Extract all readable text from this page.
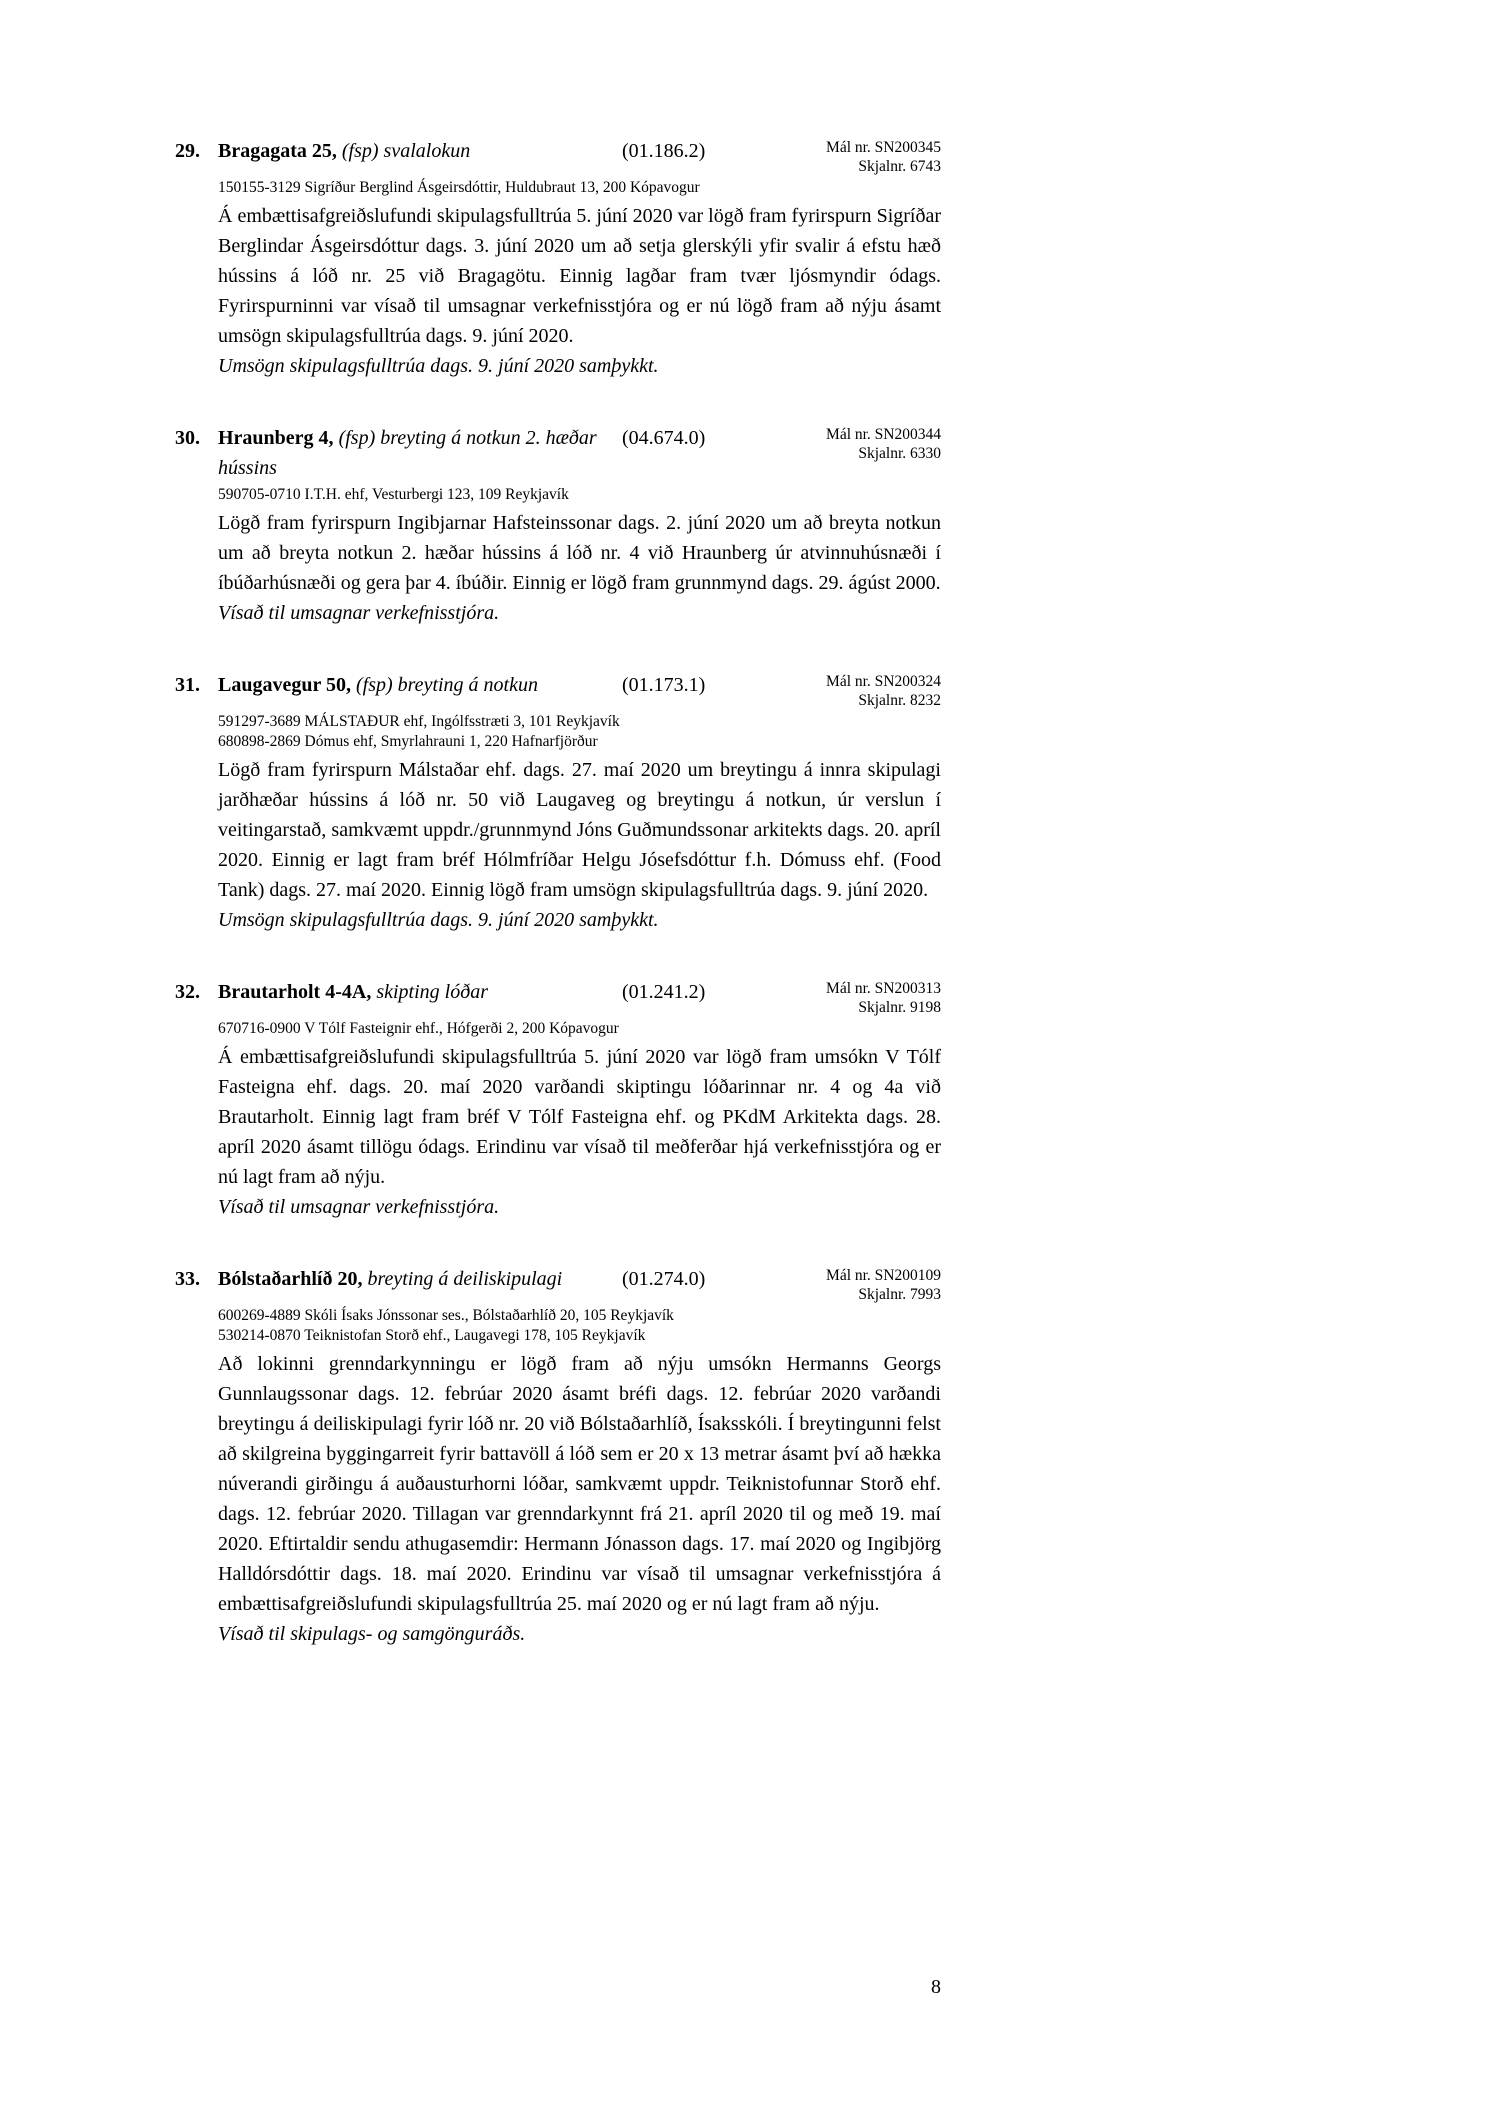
29. Bragagata 25, (fsp) svalalokun	(01.186.2)	Mál nr. SN200345
Skjalnr. 6743
150155-3129 Sigríður Berglind Ásgeirsdóttir, Huldubraut 13, 200 Kópavogur
Á embættisafgreiðslufundi skipulagsfulltrúa 5. júní 2020 var lögð fram fyrirspurn Sigríðar Berglindar Ásgeirsdóttur dags. 3. júní 2020 um að setja glerskýli yfir svalir á efstu hæð hússins á lóð nr. 25 við Bragagötu. Einnig lagðar fram tvær ljósmyndir ódags. Fyrirspurninni var vísað til umsagnar verkefnisstjóra og er nú lögð fram að nýju ásamt umsögn skipulagsfulltrúa dags. 9. júní 2020.
Umsögn skipulagsfulltrúa dags. 9. júní 2020 samþykkt.
30. Hraunberg 4, (fsp) breyting á notkun 2. hæðar hússins
(04.674.0)	Mál nr. SN200344
Skjalnr. 6330
590705-0710 I.T.H. ehf, Vesturbergi 123, 109 Reykjavík
Lögð fram fyrirspurn Ingibjarnar Hafsteinssonar dags. 2. júní 2020 um að breyta notkun um að breyta notkun 2. hæðar hússins á lóð nr. 4 við Hraunberg úr atvinnuhúsnæði í íbúðarhúsnæði og gera þar 4. íbúðir. Einnig er lögð fram grunnmynd dags. 29. ágúst 2000.
Vísað til umsagnar verkefnisstjóra.
31. Laugavegur 50, (fsp) breyting á notkun	(01.173.1)	Mál nr. SN200324
Skjalnr. 8232
591297-3689 MÁLSTAÐUR ehf, Ingólfsstræti 3, 101 Reykjavík
680898-2869 Dómus ehf, Smyrlahrauni 1, 220 Hafnarfjörður
Lögð fram fyrirspurn Málstaðar ehf. dags. 27. maí 2020 um breytingu á innra skipulagi jarðhæðar hússins á lóð nr. 50 við Laugaveg og breytingu á notkun, úr verslun í veitingarstað, samkvæmt uppdr./grunnmynd Jóns Guðmundssonar arkitekts dags. 20. apríl 2020. Einnig er lagt fram bréf Hólmfríðar Helgu Jósefsdóttur f.h. Dómuss ehf. (Food Tank) dags. 27. maí 2020. Einnig lögð fram umsögn skipulagsfulltrúa dags. 9. júní 2020.
Umsögn skipulagsfulltrúa dags. 9. júní 2020 samþykkt.
32. Brautarholt 4-4A, skipting lóðar	(01.241.2)	Mál nr. SN200313
Skjalnr. 9198
670716-0900 V Tólf Fasteignir ehf., Hófgerði 2, 200 Kópavogur
Á embættisafgreiðslufundi skipulagsfulltrúa 5. júní 2020 var lögð fram umsókn V Tólf Fasteigna ehf. dags. 20. maí 2020 varðandi skiptingu lóðarinnar nr. 4 og 4a við Brautarholt. Einnig lagt fram bréf V Tólf Fasteigna ehf. og PKdM Arkitekta dags. 28. apríl 2020 ásamt tillögu ódags. Erindinu var vísað til meðferðar hjá verkefnisstjóra og er nú lagt fram að nýju.
Vísað til umsagnar verkefnisstjóra.
33. Bólstaðarhlíð 20, breyting á deiliskipulagi	(01.274.0)	Mál nr. SN200109
Skjalnr. 7993
600269-4889 Skóli Ísaks Jónssonar ses., Bólstaðarhlíð 20, 105 Reykjavík
530214-0870 Teiknistofan Storð ehf., Laugavegi 178, 105 Reykjavík
Að lokinni grenndarkynningu er lögð fram að nýju umsókn Hermanns Georgs Gunnlaugssonar dags. 12. febrúar 2020 ásamt bréfi dags. 12. febrúar 2020 varðandi breytingu á deiliskipulagi fyrir lóð nr. 20 við Bólstaðarhlíð, Ísaksskóli. Í breytingunni felst að skilgreina byggingarreit fyrir battavöll á lóð sem er 20 x 13 metrar ásamt því að hækka núverandi girðingu á auðausturhorni lóðar, samkvæmt uppdr. Teiknistofunnar Storð ehf. dags. 12. febrúar 2020. Tillagan var grenndarkynnt frá 21. apríl 2020 til og með 19. maí 2020. Eftirtaldir sendu athugasemdir: Hermann Jónasson dags. 17. maí 2020 og Ingibjörg Halldórsdóttir dags. 18. maí 2020. Erindinu var vísað til umsagnar verkefnisstjóra á embættisafgreiðslufundi skipulagsfulltrúa 25. maí 2020 og er nú lagt fram að nýju.
Vísað til skipulags- og samgönguráðs.
8
